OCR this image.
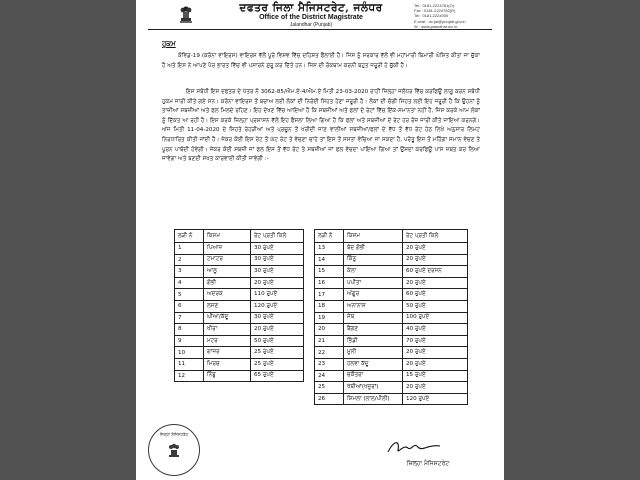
ਦਫਤਰ ਜਿਲਾ ਮੈਜਿਸਟਰੇਟ, ਜਲੰਧਰ
Office of the District Magistrate
Jalandhar (Punjab)
Tel : 0181-2224781(O)
Fax : 0181-2224782(R)
Tel : 0181-2224000
E-mail : dc.jal@punjab.gov.in
W : www.jalandhar.nic.in
ਹੁਕਮ
ਕੋਵਿਡ-19 (ਕਰੋਨਾ ਵਾਇਰਸ) ਵਾਇਰਸ ਵੱਲੋਂ ਪੂਰੇ ਵਿਸ਼ਵ ਵਿੱਚ ਦਹਿਸ਼ਤ ਫੈਲਾਈ ਹੈ। ਜਿਸ ਨੂੰ ਸਰਕਾਰ ਵੱਲੋਂ ਵੀ ਮਹਾਂਮਾਰੀ ਬਿਮਾਰੀ ਘੋਸ਼ਿਤ ਕੀਤਾ ਜਾ ਚੁੱਕਾ ਹੈ ਅਤੇ ਇਸ ਨੇ ਆਪਣੇ ਪੈਰ ਭਾਰਤ ਵਿੱਚ ਵੀ ਪਸਾਰਨੇ ਸ਼ੁਰੂ ਕਰ ਦਿੱਤੇ ਹਨ। ਜਿਸ ਦੀ ਰੋਕਥਾਮ ਕਰਨੀ ਬਹੁਤ ਜਰੂਰੀ ਹੋ ਚੁੱਕੀ ਹੈ।
ਇਸ ਸਬੰਧੀ ਇਸ ਦਫਤਰ ਦੇ ਪੱਤਰ ਨੰ 3062-85/ਐਮ.ਏ-4/ਐਮ.ਏ ਮਿਤੀ 23-03-2020 ਰਾਹੀਂ ਜ਼ਿਲ੍ਹਾ ਜਲੰਧਰ ਵਿੱਚ ਕਰਫਿਊ ਲਾਗੂ ਕਰਨ ਸਬੰਧੀ ਹੁਕਮ ਜਾਰੀ ਕੀਤੇ ਗਏ ਸਨ। ਕਰੋਨਾ ਵਾਇਰਸ ਤੋਂ ਬਚਾਅ ਲਈ ਲੋਕਾਂ ਦੀ ਨਿਰੋਈ ਸਿਹਤ ਹੋਣਾ ਜਰੂਰੀ ਹੈ। ਲੋਕਾਂ ਦੀ ਚੰਗੀ ਸਿਹਤ ਲਈ ਇਹ ਜਰੂਰੀ ਹੈ ਕਿ ਉਹਨਾਂ ਨੂੰ ਤਾਜ਼ੀਆਂ ਸਬਜ਼ੀਆਂ ਅਤੇ ਫਲ ਮਿਲਦੇ ਰਹਿਣ। ਇਹ ਦੇਖਣ ਵਿੱਚ ਆਇਆ ਹੈ ਕਿ ਸਬਜ਼ੀਆਂ ਅਤੇ ਫਲਾਂ ਦੇ ਰੇਟਾਂ ਵਿੱਚ ਇੱਕ-ਸਮਾਨਤਾ ਨਹੀਂ ਹੈ, ਜਿਸ ਕਰਕੇ ਆਮ ਲੋਕਾਂ ਨੂੰ ਦਿੱਕਤ ਆ ਰਹੀ ਹੈ। ਇਸ ਕਰਕੇ ਜ਼ਿਲ੍ਹਾ ਪ੍ਰਸ਼ਾਸਨ ਵੱਲੋਂ ਇਹ ਫੈਸਲਾ ਲਿਆ ਗਿਆ ਹੈ ਕਿ ਫਲਾਂ ਅਤੇ ਸਬਜ਼ੀਆਂ ਦੇ ਰੇਟ ਹਰ ਰੋਜ਼ ਜਾਰੀ ਕੀਤੇ ਜਾਇਆ ਕਰਨਗੇ। ਅੱਜ ਮਿਤੀ 11-04-2020 ਦੇ ਸਿਹਤੇ ਰੇਹੜੀਆਂ ਅਤੇ ਪ੍ਰਚੂਨ ਤੋਂ ਖਰੀਦੀ ਜਾਣ ਵਾਲੀਆਂ ਸਬਜ਼ੀਆਂ/ਫਲਾਂ ਦੇ ਵੱਧ ਤੋਂ ਵੱਧ ਰੇਟ ਹੇਠ ਲਿਖੇ ਅਨੁਸਾਰ ਲਿਮਟ ਨਿਰਧਾਰਿਤ ਕੀਤੀ ਜਾਂਦੀ ਹੈ। ਜੇਕਰ ਕੋਈ ਇਸ ਰੇਟ ਤੋਂ ਘੱਟ ਰੇਟ ਤੇ ਵੇਚਣਾ ਚਾਹੇ ਤਾਂ ਇਸ ਤੋਂ ਸਸਤਾ ਵੇਚਿਆ ਜਾ ਸਕਦਾ ਹੈ, ਪਰੰਤੂ ਇਸ ਤੋਂ ਮਹਿੰਗਾ ਸਮਾਨ ਵੇਚਣ ਤੇ ਪੂਰਨ ਪਾਬੰਦੀ ਹੋਵੇਗੀ। ਜੇਕਰ ਕੋਈ ਸਬਜ਼ੀ ਜਾਂ ਫਲ ਇਸ ਤੋਂ ਵੱਧ ਰੇਟ ਤੇ ਸਬਜ਼ੀਆਂ ਜਾਂ ਫਲ ਵੇਚਦਾ ਪਾਇਆ ਗਿਆ ਤਾਂ ਉਸਦਾ ਕਰਫਿਊ ਪਾਸ ਜ਼ਬਤ ਕਰ ਲਿਆ ਜਾਵੇਗਾ ਅਤੇ ਬਣਦੀ ਸਖਤ ਕਾਰਵਾਈ ਕੀਤੀ ਜਾਵੇਗੀ :-
ਲੜੀ ਨੰ	ਕਿਸਮ	ਰੇਟ ਪ੍ਰਤੀ ਕਿਲੋ
1	ਪਿਆਜ਼	30 ਰੁਪਏ
2	ਟਮਾਟਰ	30 ਰੁਪਏ
3	ਆਲੂ	30 ਰੁਪਏ
4	ਗੋਭੀ	20 ਰੁਪਏ
5	ਅਦਰਕ	110 ਰੁਪਏ
6	ਲਸਣ	120 ਰੁਪਏ
7	ਘੀਆ/ਕੱਦੂ	30 ਰੁਪਏ
8	ਖੀਰਾ	20 ਰੁਪਏ
9	ਮਟਰ	50 ਰੁਪਏ
10	ਗਾਜਰ	25 ਰੁਪਏ
11	ਮਿਰਚ	25 ਰੁਪਏ
12	ਨਿੰਬੂ	65 ਰੁਪਏ
ਲੜੀ ਨੰ	ਕਿਸਮ	ਰੇਟ ਪ੍ਰਤੀ ਕਿਲੋ
13	ਬੰਦ ਗੋਭੀ	20 ਰੁਪਏ
14	ਕਿੰਨੂ	20 ਰੁਪਏ
15	ਕੇਲਾ	60 ਰੁਪਏ ਦਰਜਨ
16	ਪਪੀਤਾ	20 ਰੁਪਏ
17	ਅੰਗੂਰ	60 ਰੁਪਏ
18	ਅਨਾਨਾਸ	50 ਰੁਪਏ
19	ਸੇਬ	100 ਰੁਪਏ
20	ਬੈਂਗਣ	40 ਰੁਪਏ
21	ਭਿੰਡੀ	70 ਰੁਪਏ
22	ਮੂਲੀ	20 ਰੁਪਏ
23	ਹਲਵਾ ਕੱਦੂ	20 ਰੁਪਏ
24	ਚਕੌਤਰਾ	15 ਰੁਪਏ
25	ਖੱਬੀਆਂ(ਖਜੂਰਾਂ)	20 ਰੁਪਏ
26	ਸ਼ਿਮਲਾ (ਲਾਲ/ਪੀਲੀ)	120 ਰੁਪਏ
ਜ਼ਿਲ੍ਹਾ ਮੈਜਿਸਟਰੇਟ
ਜ਼ਿਲ੍ਹਾ ਮੈਜਿਸਟਰੇਟ
